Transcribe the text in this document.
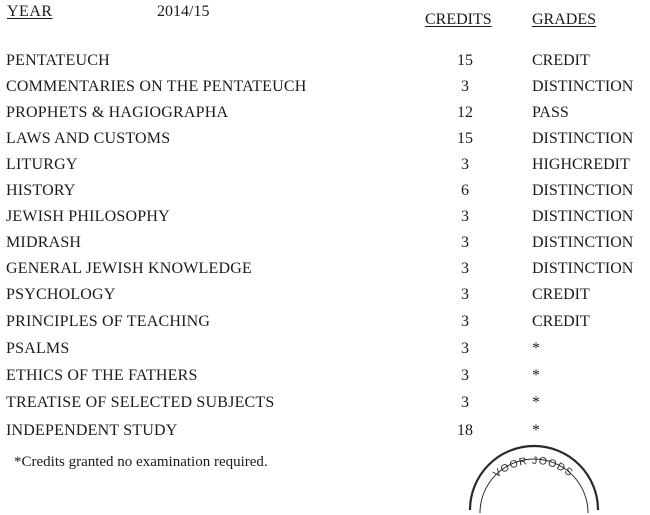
YEAR	2014/15	CREDITS	GRADES
PENTATEUCH	15	CREDIT
COMMENTARIES ON THE PENTATEUCH	3	DISTINCTION
PROPHETS & HAGIOGRAPHA	12	PASS
LAWS AND CUSTOMS	15	DISTINCTION
LITURGY	3	HIGHCREDIT
HISTORY	6	DISTINCTION
JEWISH PHILOSOPHY	3	DISTINCTION
MIDRASH	3	DISTINCTION
GENERAL JEWISH KNOWLEDGE	3	DISTINCTION
PSYCHOLOGY	3	CREDIT
PRINCIPLES OF TEACHING	3	CREDIT
PSALMS	3	*
ETHICS OF THE FATHERS	3	*
TREATISE OF SELECTED SUBJECTS	3	*
INDEPENDENT STUDY	18	*
*Credits granted no examination required.
VOOR JOODS
